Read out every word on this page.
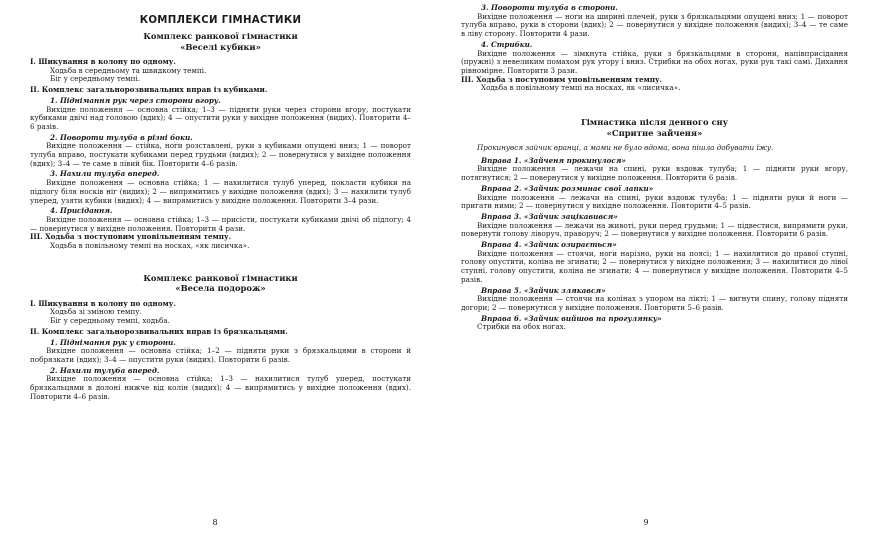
КОМПЛЕКСИ ГІМНАСТИКИ
Комплекс ранкової гімнастики
«Веселі кубики»

I. Шикування в колону по одному.

Ходьба в середньому та швидкому темпі.

Біг у середньому темпі.

II. Комплекс загальнорозвивальних вправ із кубиками.

1. Піднімання рук через сторони вгору.

Вихідне положення — основна стійка; 1–3 — підняти руки через сторони вгору, постукати кубиками двічі над головою (вдих); 4 — опустити руки у вихідне положення (видих). Повторити 4–6 разів.

2. Повороти тулуба в різні боки.

Вихідне положення — стійка, ноги розставлені, руки з кубиками опущені вниз; 1 — поворот тулуба вправо, постукати кубиками перед грудьми (видих); 2 — повернутися у вихідне положення (вдих); 3–4 — те саме в лівий бік. Повторити 4–6 разів.

3. Нахили тулуба вперед.

Вихідне положення — основна стійка; 1 — нахилитися тулуб уперед, покласти кубики на підлогу біля носків ніг (видих); 2 — випрямитись у вихідне положення (вдих); 3 — нахилити тулуб уперед, узяти кубики (видих); 4 — випрямитись у вихідне положення. Повторити 3–4 рази.

4. Присідання.

Вихідне положення — основна стійка; 1–3 — присісти, постукати кубиками двічі об підлогу; 4 — повернутися у вихідне положення. Повторити 4 рази.

III. Ходьба з поступовим уповільненням темпу.

Ходьба в повільному темпі на носках, «як лисичка».

Комплекс ранкової гімнастики
«Весела подорож»

I. Шикування в колону по одному.

Ходьба зі зміною темпу.

Біг у середньому темпі, ходьба.

II. Комплекс загальнорозвивальних вправ із брязкальцями.

1. Піднімання рук у сторони.

Вихідне положення — основна стійка; 1–2 — підняти руки з брязкальцями в сторони й побрязкати (вдих); 3–4 — опустити руки (видих). Повторити 6 разів.

2. Нахили тулуба вперед.

Вихідне положення — основна стійка; 1–3 — нахилитися тулуб уперед, постукати брязкальцями в долоні нижче від колін (видих); 4 — випрямитись у вихідне положення (вдих). Повторити 4–6 разів.

8

3. Повороти тулуба в сторони.

Вихідне положення — ноги на ширині плечей, руки з брязкальцями опущені вниз; 1 — поворот тулуба вправо, руки в сторони (вдих); 2 — повернутися у вихідне положення (видих); 3–4 — те саме в ліву сторону. Повторити 4 рази.

4. Стрибки.

Вихідне положення — зімкнута стійка, руки з брязкальцями в сторони, напівприсідання (пружні) з невеликим помахом рук угору і вниз. Стрибки на обох ногах, руки рук такі самі. Дихання рівномірне. Повторити 3 рази.

III. Ходьба з поступовим уповільненням темпу.

Ходьба в повільному темпі на носках, як «лисичка».

Гімнастика після денного сну
«Спритне зайченя»

Прокинувся зайчик вранці, а мами не було вдома, вона пішла добувати їжу.

Вправа 1. «Зайченя прокинулося»

Вихідне положення — лежачи на спині, руки вздовж тулуба; 1 — підняти руки вгору, потягнутися; 2 — повернутися у вихідне положення. Повторити 6 разів.

Вправа 2. «Зайчик розминає свої лапки»

Вихідне положення — лежачи на спині, руки вздовж тулуба; 1 — підняти руки й ноги — пригати ними; 2 — повернутися у вихідне положення. Повторити 4–5 разів.

Вправа 3. «Зайчик зацікавився»

Вихідне положення — лежачи на животі, руки перед грудьми; 1 — підвестися, випрямити руки, повернути голову ліворуч, праворуч; 2 — повернутися у вихідне положення. Повторити 6 разів.

Вправа 4. «Зайчик озирається»

Вихідне положення — стоячи, ноги нарізно, руки на поясі; 1 — нахилитися до правої ступні, голову опустити, коліна не згинати; 2 — повернутися у вихідне положення; 3 — нахилитися до лівої ступні, голову опустити, коліна не згинати; 4 — повернутися у вихідне положення. Повторити 4–5 разів.

Вправа 5. «Зайчик злякався»

Вихідне положення — стоячи на колінах з упором на лікті; 1 — вигнути спину, голову підняти догори; 2 — повернутися у вихідне положення. Повторити 5–6 разів.

Вправа 6. «Зайчик вийшов на прогулянку»

Стрибки на обох ногах.

9
